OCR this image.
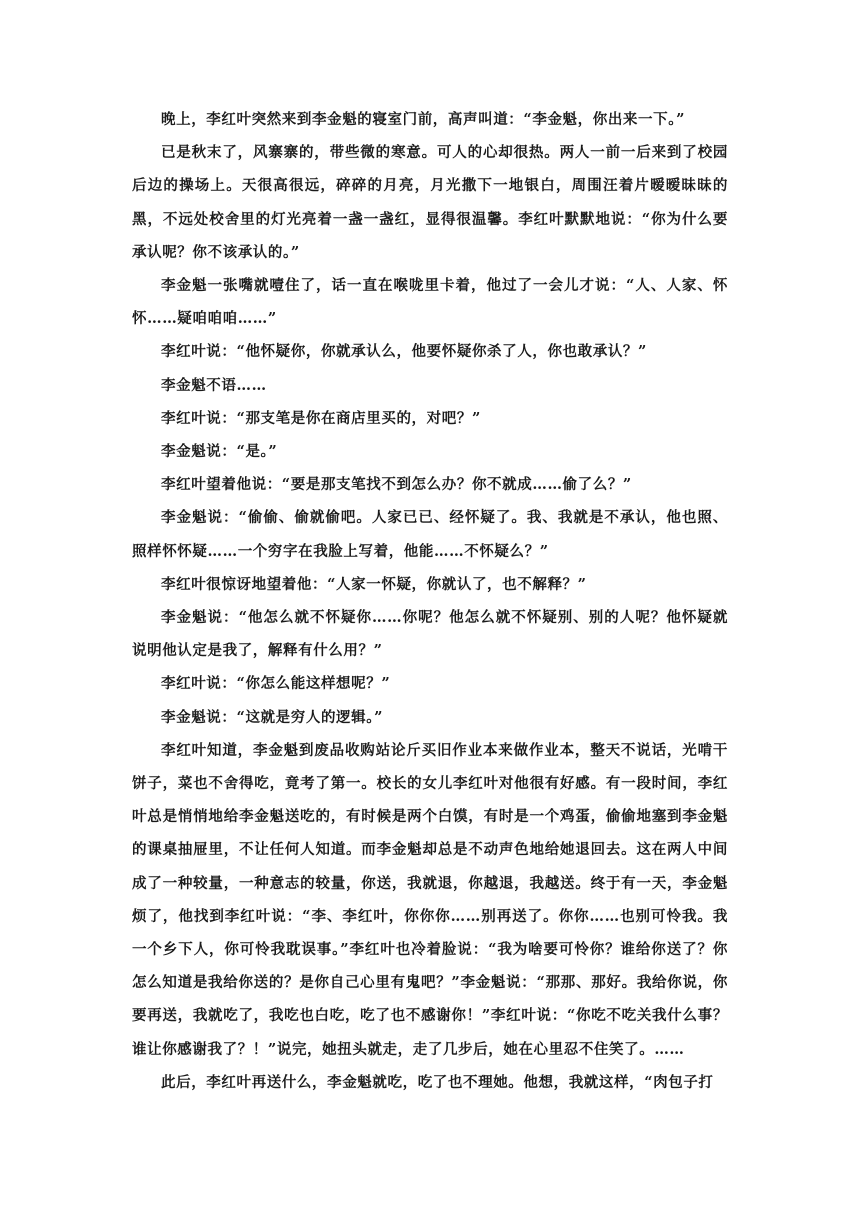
晚上，李红叶突然来到李金魁的寝室门前，高声叫道：“李金魁，你出来一下。”

已是秋末了，风寨寨的，带些微的寒意。可人的心却很热。两人一前一后来到了校园后边的操场上。天很高很远，碎碎的月亮，月光撒下一地银白，周围汪着片暧暧昧昧的黑，不远处校舍里的灯光亮着一盏一盏红，显得很温馨。李红叶默默地说：“你为什么要承认呢？你不该承认的。”

李金魁一张嘴就噎住了，话一直在喉咙里卡着，他过了一会儿才说：“人、人家、怀怀……疑咱咱咱……”

李红叶说：“他怀疑你，你就承认么，他要怀疑你杀了人，你也敢承认？”

李金魁不语……

李红叶说：“那支笔是你在商店里买的，对吧？”

李金魁说：“是。”

李红叶望着他说：“要是那支笔找不到怎么办？你不就成……偷了么？”

李金魁说：“偷偷、偷就偷吧。人家已已、经怀疑了。我、我就是不承认，他也照、照样怀怀疑……一个穷字在我脸上写着，他能……不怀疑么？”

李红叶很惊讶地望着他：“人家一怀疑，你就认了，也不解释？”

李金魁说：“他怎么就不怀疑你……你呢？他怎么就不怀疑别、别的人呢？他怀疑就说明他认定是我了，解释有什么用？”

李红叶说：“你怎么能这样想呢？”

李金魁说：“这就是穷人的逻辑。”

李红叶知道，李金魁到废品收购站论斤买旧作业本来做作业本，整天不说话，光啃干饼子，菜也不舍得吃，竟考了第一。校长的女儿李红叶对他很有好感。有一段时间，李红叶总是悄悄地给李金魁送吃的，有时候是两个白馍，有时是一个鸡蛋，偷偷地塞到李金魁的课桌抽屉里，不让任何人知道。而李金魁却总是不动声色地给她退回去。这在两人中间成了一种较量，一种意志的较量，你送，我就退，你越退，我越送。终于有一天，李金魁烦了，他找到李红叶说：“李、李红叶，你你你……别再送了。你你……也别可怜我。我一个乡下人，你可怜我耽误事。”李红叶也冷着脸说：“我为啥要可怜你？谁给你送了？你怎么知道是我给你送的？是你自己心里有鬼吧？”李金魁说：“那那、那好。我给你说，你要再送，我就吃了，我吃也白吃，吃了也不感谢你！”李红叶说：“你吃不吃关我什么事？谁让你感谢我了？！”说完，她扭头就走，走了几步后，她在心里忍不住笑了。……

此后，李红叶再送什么，李金魁就吃，吃了也不理她。他想，我就这样，“肉包子打
